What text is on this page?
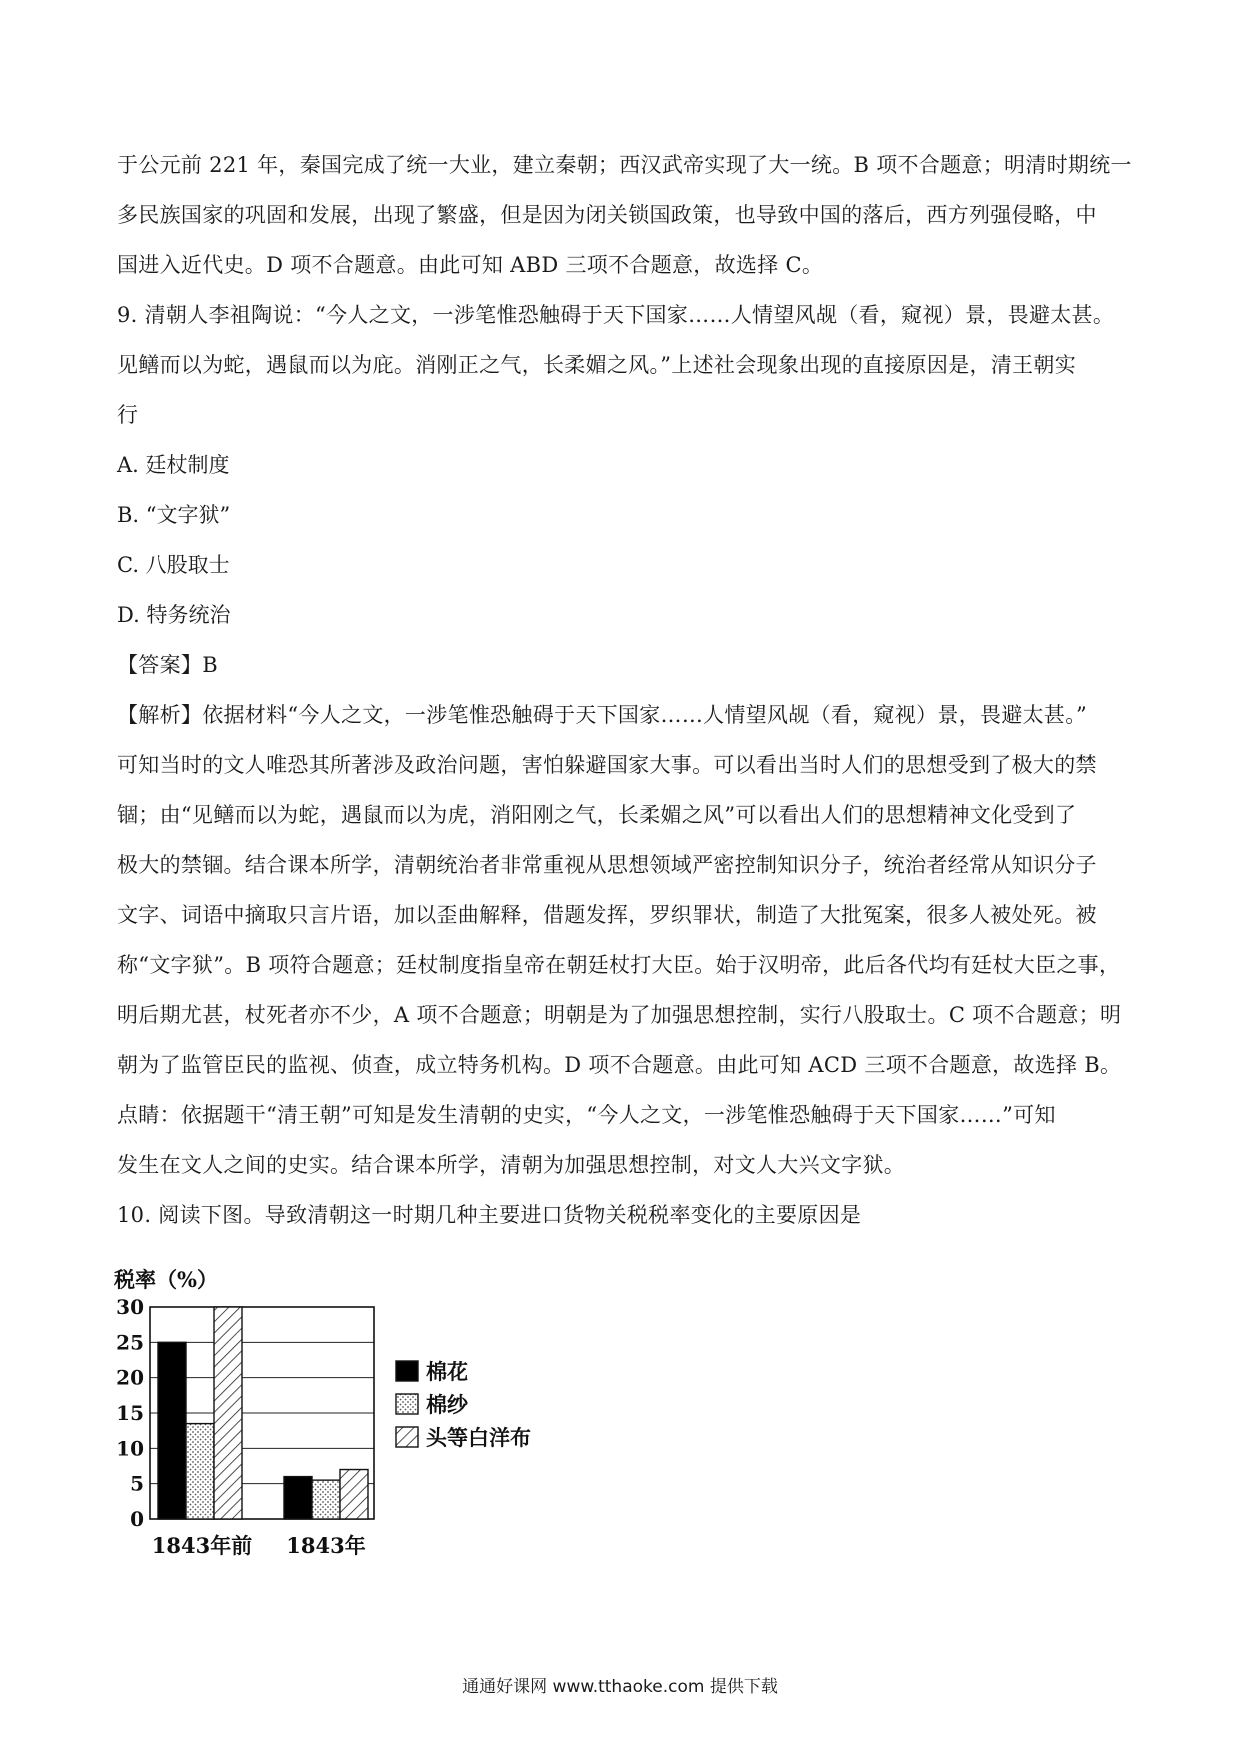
于公元前 221 年，秦国完成了统一大业，建立秦朝；西汉武帝实现了大一统。B 项不合题意；明清时期统一
多民族国家的巩固和发展，出现了繁盛，但是因为闭关锁国政策，也导致中国的落后，西方列强侵略，中
国进入近代史。D 项不合题意。由此可知 ABD 三项不合题意，故选择 C。
9. 清朝人李祖陶说：“今人之文，一涉笔惟恐触碍于天下国家……人情望风觇（看，窥视）景，畏避太甚。
见鳝而以为蛇，遇鼠而以为庇。消刚正之气，长柔媚之风。”上述社会现象出现的直接原因是，清王朝实
行
A. 廷杖制度
B. “文字狱”
C. 八股取士
D. 特务统治
【答案】B
【解析】依据材料“今人之文，一涉笔惟恐触碍于天下国家……人情望风觇（看，窥视）景，畏避太甚。”
可知当时的文人唯恐其所著涉及政治问题，害怕躲避国家大事。可以看出当时人们的思想受到了极大的禁
锢；由“见鳝而以为蛇，遇鼠而以为虎，消阳刚之气，长柔媚之风”可以看出人们的思想精神文化受到了
极大的禁锢。结合课本所学，清朝统治者非常重视从思想领域严密控制知识分子，统治者经常从知识分子
文字、词语中摘取只言片语，加以歪曲解释，借题发挥，罗织罪状，制造了大批冤案，很多人被处死。被
称“文字狱”。B 项符合题意；廷杖制度指皇帝在朝廷杖打大臣。始于汉明帝，此后各代均有廷杖大臣之事，
明后期尤甚，杖死者亦不少，A 项不合题意；明朝是为了加强思想控制，实行八股取士。C 项不合题意；明
朝为了监管臣民的监视、侦查，成立特务机构。D 项不合题意。由此可知 ACD 三项不合题意，故选择 B。
点睛：依据题干“清王朝”可知是发生清朝的史实，“今人之文，一涉笔惟恐触碍于天下国家……”可知
发生在文人之间的史实。结合课本所学，清朝为加强思想控制，对文人大兴文字狱。
10. 阅读下图。导致清朝这一时期几种主要进口货物关税税率变化的主要原因是
税率（%）
0
5
10
15
20
25
30
1843年前 1843年
棉花
棉纱
头等白洋布
通通好课网 www.tthaoke.com 提供下载
